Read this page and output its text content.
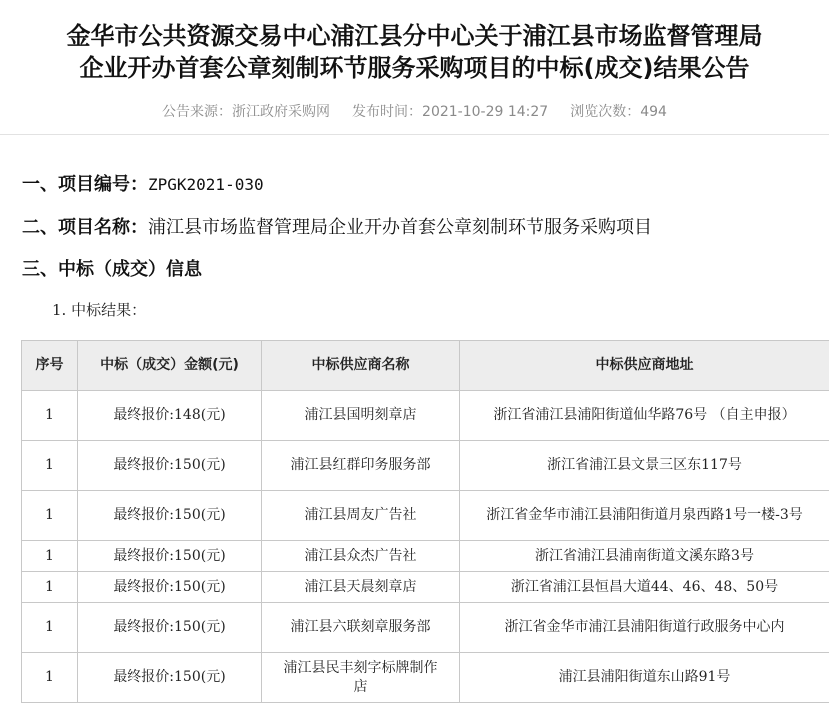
金华市公共资源交易中心浦江县分中心关于浦江县市场监督管理局
企业开办首套公章刻制环节服务采购项目的中标(成交)结果公告
公告来源：浙江政府采购网 发布时间：2021-10-29 14:27 浏览次数：494
一、项目编号：ZPGK2021-030
二、项目名称：浦江县市场监督管理局企业开办首套公章刻制环节服务采购项目
三、中标（成交）信息
1. 中标结果：
序号	中标（成交）金额(元)	中标供应商名称	中标供应商地址
1	最终报价:148(元)	浦江县国明刻章店	浙江省浦江县浦阳街道仙华路76号 （自主申报）
1	最终报价:150(元)	浦江县红群印务服务部	浙江省浦江县文景三区东117号
1	最终报价:150(元)	浦江县周友广告社	浙江省金华市浦江县浦阳街道月泉西路1号一楼-3号
1	最终报价:150(元)	浦江县众杰广告社	浙江省浦江县浦南街道文溪东路3号
1	最终报价:150(元)	浦江县天晨刻章店	浙江省浦江县恒昌大道44、46、48、50号
1	最终报价:150(元)	浦江县六联刻章服务部	浙江省金华市浦江县浦阳街道行政服务中心内
1	最终报价:150(元)	浦江县民丰刻字标牌制作店	浦江县浦阳街道东山路91号
